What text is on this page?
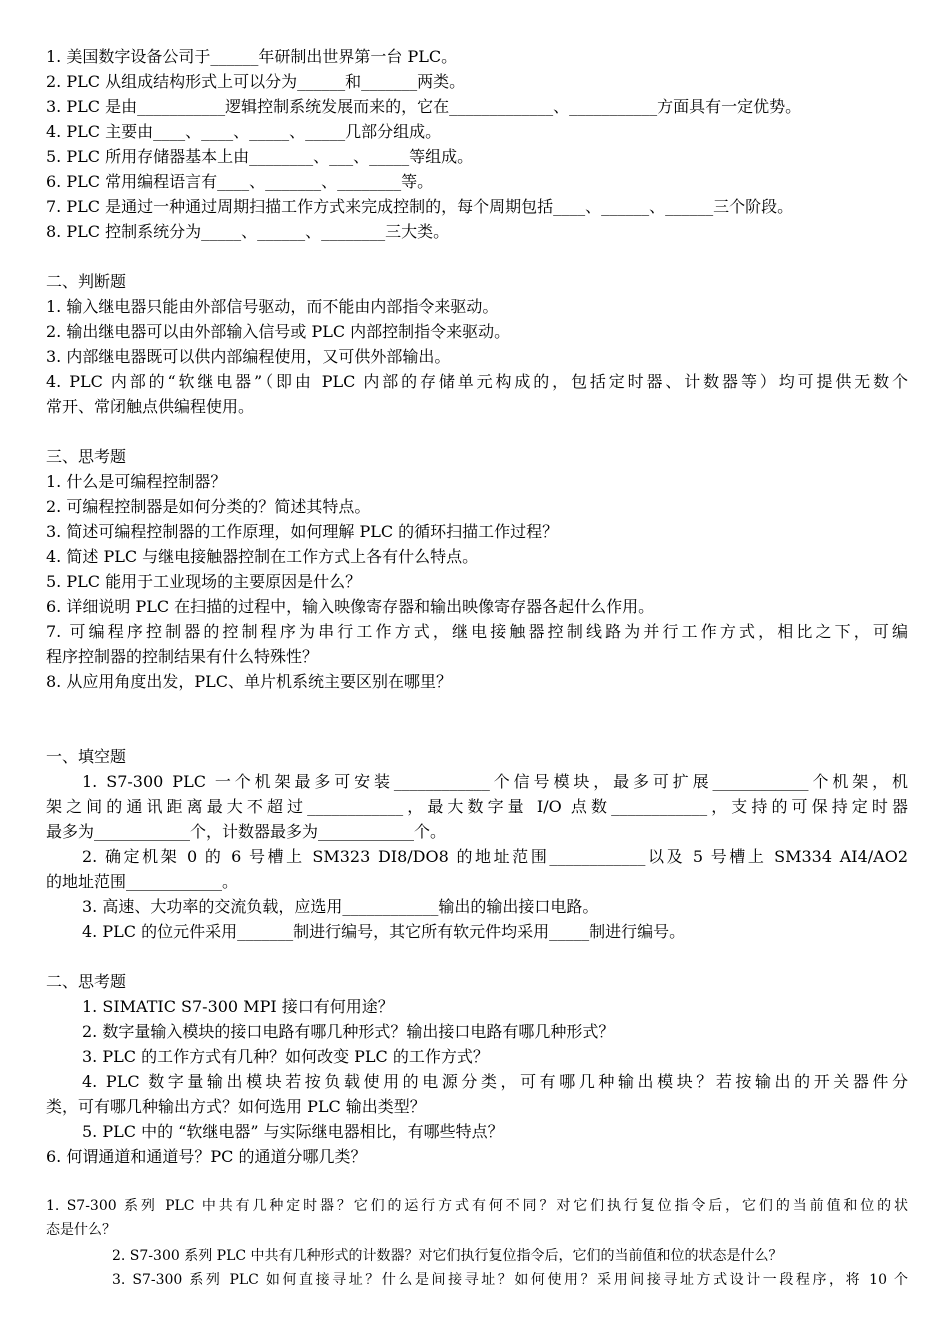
1. 美国数字设备公司于______年研制出世界第一台 PLC。
2. PLC 从组成结构形式上可以分为______和_______两类。
3. PLC 是由___________逻辑控制系统发展而来的，它在_____________、___________方面具有一定优势。
4. PLC 主要由____、____、_____、_____几部分组成。
5. PLC 所用存储器基本上由________、___、_____等组成。
6. PLC 常用编程语言有____、_______、________等。
7. PLC 是通过一种通过周期扫描工作方式来完成控制的，每个周期包括____、______、______三个阶段。
8. PLC 控制系统分为_____、______、________三大类。
二、判断题
1. 输入继电器只能由外部信号驱动，而不能由内部指令来驱动。
2. 输出继电器可以由外部输入信号或 PLC 内部控制指令来驱动。
3. 内部继电器既可以供内部编程使用，又可供外部输出。
4. PLC 内部的“软继电器”（即由 PLC 内部的存储单元构成的，包括定时器、计数器等）均可提供无数个
常开、常闭触点供编程使用。
三、思考题
1. 什么是可编程控制器？
2. 可编程控制器是如何分类的？简述其特点。
3. 简述可编程控制器的工作原理，如何理解 PLC 的循环扫描工作过程？
4. 简述 PLC 与继电接触器控制在工作方式上各有什么特点。
5. PLC 能用于工业现场的主要原因是什么？
6. 详细说明 PLC 在扫描的过程中，输入映像寄存器和输出映像寄存器各起什么作用。
7. 可编程序控制器的控制程序为串行工作方式，继电接触器控制线路为并行工作方式，相比之下，可编
程序控制器的控制结果有什么特殊性？
8. 从应用角度出发，PLC、单片机系统主要区别在哪里？
一、填空题
1. S7-300 PLC 一个机架最多可安装____________个信号模块，最多可扩展____________个机架，机
架之间的通讯距离最大不超过____________，最大数字量 I/O 点数____________，支持的可保持定时器
最多为____________个，计数器最多为____________个。
2. 确定机架 0 的 6 号槽上 SM323 DI8/DO8 的地址范围____________以及 5 号槽上 SM334 AI4/AO2
的地址范围____________。
3. 高速、大功率的交流负载，应选用____________输出的输出接口电路。
4. PLC 的位元件采用_______制进行编号，其它所有软元件均采用_____制进行编号。
二、思考题
1. SIMATIC S7-300 MPI 接口有何用途？
2. 数字量输入模块的接口电路有哪几种形式？输出接口电路有哪几种形式？
3. PLC 的工作方式有几种？如何改变 PLC 的工作方式？
4. PLC 数字量输出模块若按负载使用的电源分类，可有哪几种输出模块？若按输出的开关器件分
类，可有哪几种输出方式？如何选用 PLC 输出类型？
5. PLC 中的 “软继电器” 与实际继电器相比，有哪些特点？
6. 何谓通道和通道号？PC 的通道分哪几类？
1. S7-300 系列 PLC 中共有几种定时器？它们的运行方式有何不同？对它们执行复位指令后，它们的当前值和位的状
态是什么？
2. S7-300 系列 PLC 中共有几种形式的计数器？对它们执行复位指令后，它们的当前值和位的状态是什么？
3. S7-300 系列 PLC 如何直接寻址？什么是间接寻址？如何使用？采用间接寻址方式设计一段程序，将 10 个
